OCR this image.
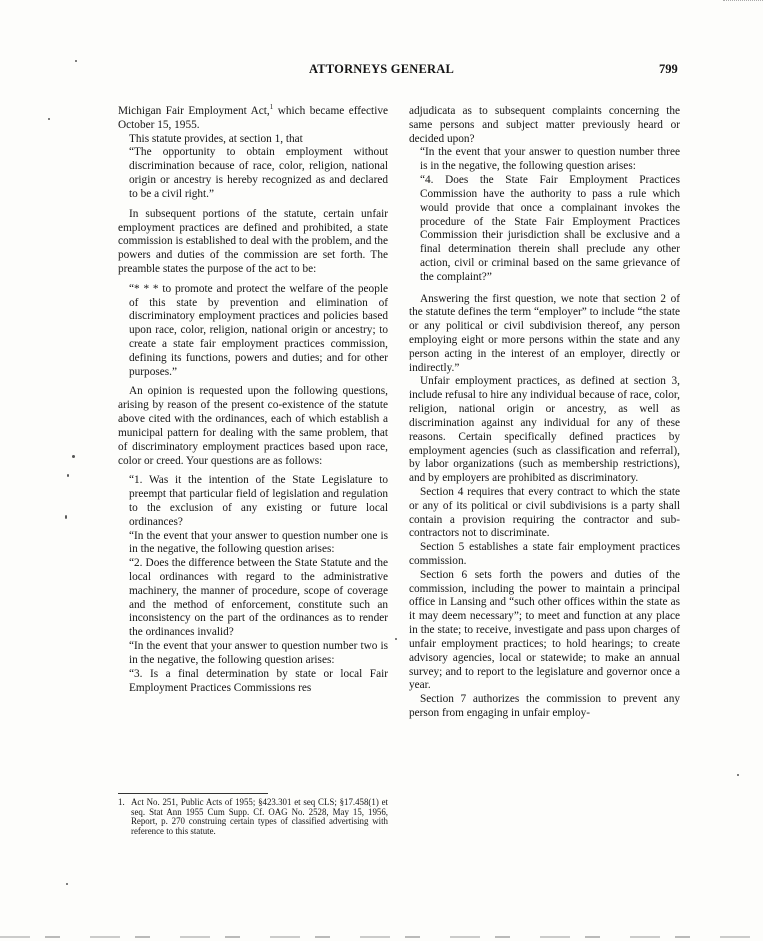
ATTORNEYS GENERAL	799

Michigan Fair Employment Act,$^1$ which became effective October 15, 1955.

This statute provides, at section 1, that

“The opportunity to obtain employment without discrimination because of race, color, religion, national origin or ancestry is hereby recognized as and declared to be a civil right.”

In subsequent portions of the statute, certain unfair employment practices are defined and prohibited, a state commission is established to deal with the problem, and the powers and duties of the commission are set forth. The preamble states the purpose of the act to be:

“* * * to promote and protect the welfare of the people of this state by prevention and elimination of discriminatory employment practices and policies based upon race, color, religion, national origin or ancestry; to create a state fair employment practices commission, defining its functions, powers and duties; and for other purposes.”

An opinion is requested upon the following questions, arising by reason of the present co-existence of the statute above cited with the ordinances, each of which establish a municipal pattern for dealing with the same problem, that of discriminatory employment practices based upon race, color or creed. Your questions are as follows:

“1. Was it the intention of the State Legislature to preempt that particular field of legislation and regulation to the exclusion of any existing or future local ordinances?

“In the event that your answer to question number one is in the negative, the following question arises:

“2. Does the difference between the State Statute and the local ordinances with regard to the administrative machinery, the manner of procedure, scope of coverage and the method of enforcement, constitute such an inconsistency on the part of the ordinances as to render the ordinances invalid?

“In the event that your answer to question number two is in the negative, the following question arises:

“3. Is a final determination by state or local Fair Employment Practices Commissions res

1. Act No. 251, Public Acts of 1955; §423.301 et seq CLS; §17.458(1) et seq. Stat Ann 1955 Cum Supp. Cf. OAG No. 2528, May 15, 1956, Report, p. 270 construing certain types of classified advertising with reference to this statute.

adjudicata as to subsequent complaints concerning the same persons and subject matter previously heard or decided upon?

“In the event that your answer to question number three is in the negative, the following question arises:

“4. Does the State Fair Employment Practices Commission have the authority to pass a rule which would provide that once a complainant invokes the procedure of the State Fair Employment Practices Commission their jurisdiction shall be exclusive and a final determination therein shall preclude any other action, civil or criminal based on the same grievance of the complaint?”

Answering the first question, we note that section 2 of the statute defines the term “employer” to include “the state or any political or civil subdivision thereof, any person employing eight or more persons within the state and any person acting in the interest of an employer, directly or indirectly.”

Unfair employment practices, as defined at section 3, include refusal to hire any individual because of race, color, religion, national origin or ancestry, as well as discrimination against any individual for any of these reasons. Certain specifically defined practices by employment agencies (such as classification and referral), by labor organizations (such as membership restrictions), and by employers are prohibited as discriminatory.

Section 4 requires that every contract to which the state or any of its political or civil subdivisions is a party shall contain a provision requiring the contractor and sub-contractors not to discriminate.

Section 5 establishes a state fair employment practices commission.

Section 6 sets forth the powers and duties of the commission, including the power to maintain a principal office in Lansing and “such other offices within the state as it may deem necessary”; to meet and function at any place in the state; to receive, investigate and pass upon charges of unfair employment practices; to hold hearings; to create advisory agencies, local or statewide; to make an annual survey; and to report to the legislature and governor once a year.

Section 7 authorizes the commission to prevent any person from engaging in unfair employ-
